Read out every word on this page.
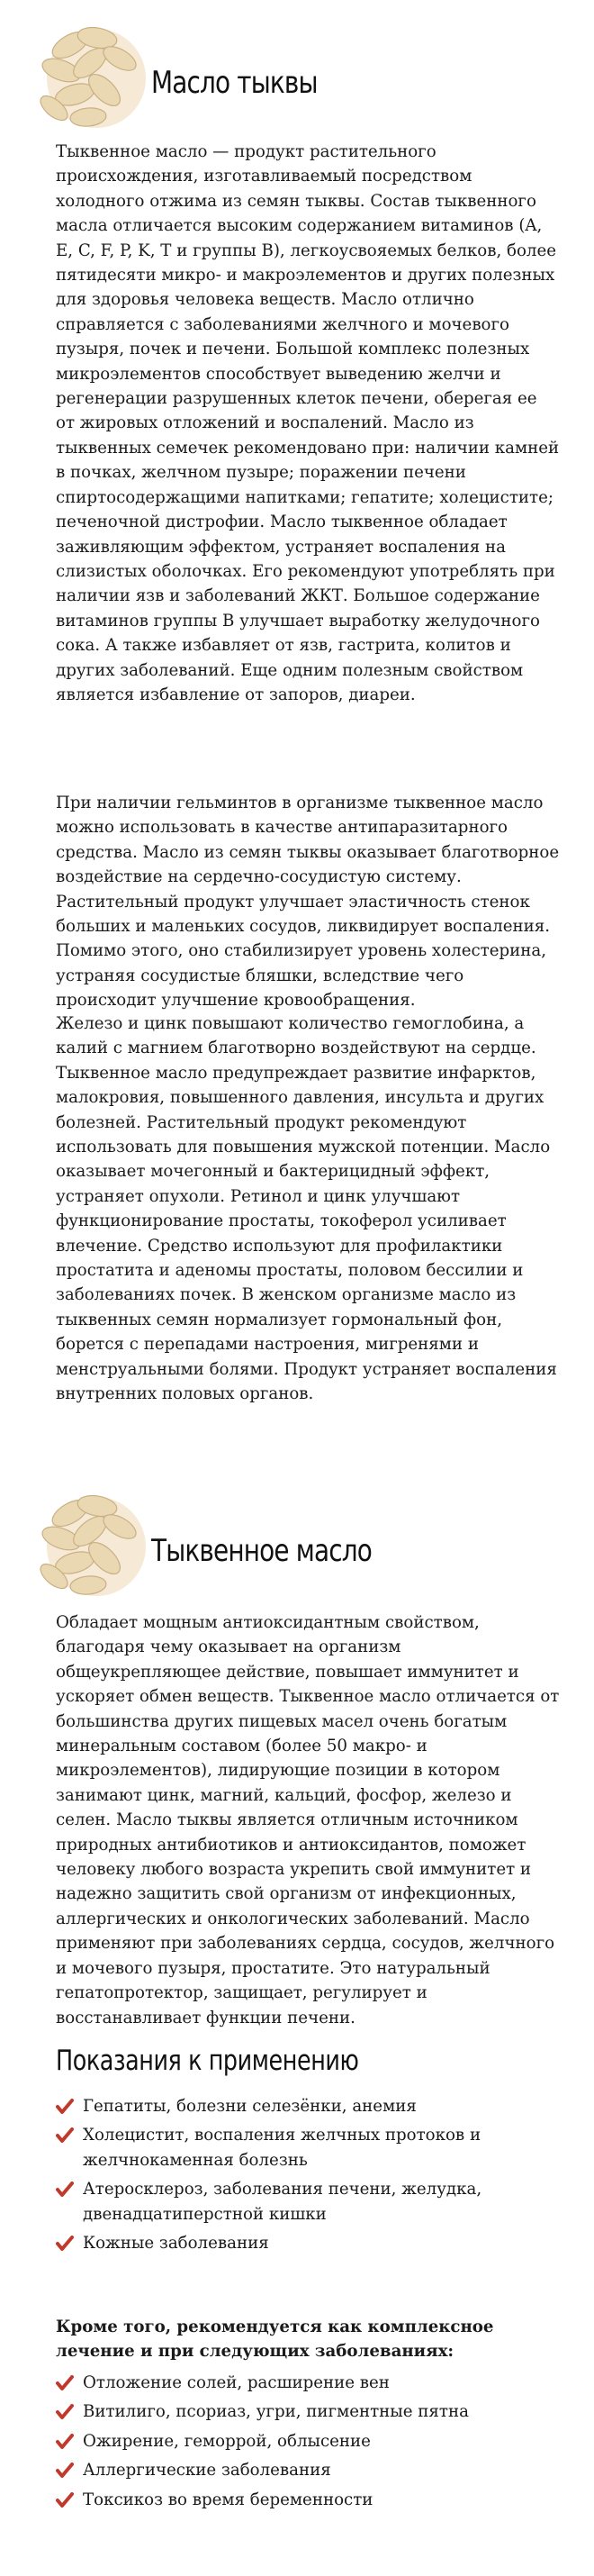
Масло тыквы
Тыквенное масло — продукт растительного происхождения, изготавливаемый посредством холодного отжима из семян тыквы. Состав тыквенного масла отличается высоким содержанием витаминов (A, E, C, F, P, K, T и группы B), легкоусвояемых белков, более пятидесяти микро- и макроэлементов и других полезных для здоровья человека веществ. Масло отлично справляется с заболеваниями желчного и мочевого пузыря, почек и печени. Большой комплекс полезных микроэлементов способствует выведению желчи и регенерации разрушенных клеток печени, оберегая ее от жировых отложений и воспалений. Масло из тыквенных семечек рекомендовано при: наличии камней в почках, желчном пузыре; поражении печени спиртосодержащими напитками; гепатите; холецистите; печеночной дистрофии. Масло тыквенное обладает заживляющим эффектом, устраняет воспаления на слизистых оболочках. Его рекомендуют употреблять при наличии язв и заболеваний ЖКТ. Большое содержание витаминов группы B улучшает выработку желудочного сока. А также избавляет от язв, гастрита, колитов и других заболеваний. Еще одним полезным свойством является избавление от запоров, диареи.
При наличии гельминтов в организме тыквенное масло можно использовать в качестве антипаразитарного средства. Масло из семян тыквы оказывает благотворное воздействие на сердечно-сосудистую систему. Растительный продукт улучшает эластичность стенок больших и маленьких сосудов, ликвидирует воспаления. Помимо этого, оно стабилизирует уровень холестерина, устраняя сосудистые бляшки, вследствие чего происходит улучшение кровообращения.
Железо и цинк повышают количество гемоглобина, а калий с магнием благотворно воздействуют на сердце. Тыквенное масло предупреждает развитие инфарктов, малокровия, повышенного давления, инсульта и других болезней. Растительный продукт рекомендуют использовать для повышения мужской потенции. Масло оказывает мочегонный и бактерицидный эффект, устраняет опухоли. Ретинол и цинк улучшают функционирование простаты, токоферол усиливает влечение. Средство используют для профилактики простатита и аденомы простаты, половом бессилии и заболеваниях почек. В женском организме масло из тыквенных семян нормализует гормональный фон, борется с перепадами настроения, мигренями и менструальными болями. Продукт устраняет воспаления внутренних половых органов.
Тыквенное масло
Обладает мощным антиоксидантным свойством, благодаря чему оказывает на организм общеукрепляющее действие, повышает иммунитет и ускоряет обмен веществ. Тыквенное масло отличается от большинства других пищевых масел очень богатым минеральным составом (более 50 макро- и микроэлементов), лидирующие позиции в котором занимают цинк, магний, кальций, фосфор, железо и селен. Масло тыквы является отличным источником природных антибиотиков и антиоксидантов, поможет человеку любого возраста укрепить свой иммунитет и надежно защитить свой организм от инфекционных, аллергических и онкологических заболеваний. Масло применяют при заболеваниях сердца, сосудов, желчного и мочевого пузыря, простатите. Это натуральный гепатопротектор, защищает, регулирует и восстанавливает функции печени.
Показания к применению
Гепатиты, болезни селезёнки, анемия
Холецистит, воспаления желчных протоков и желчнокаменная болезнь
Атеросклероз, заболевания печени, желудка, двенадцатиперстной кишки
Кожные заболевания
Кроме того, рекомендуется как комплексное лечение и при следующих заболеваниях:
Отложение солей, расширение вен
Витилиго, псориаз, угри, пигментные пятна
Ожирение, геморрой, облысение
Аллергические заболевания
Токсикоз во время беременности
